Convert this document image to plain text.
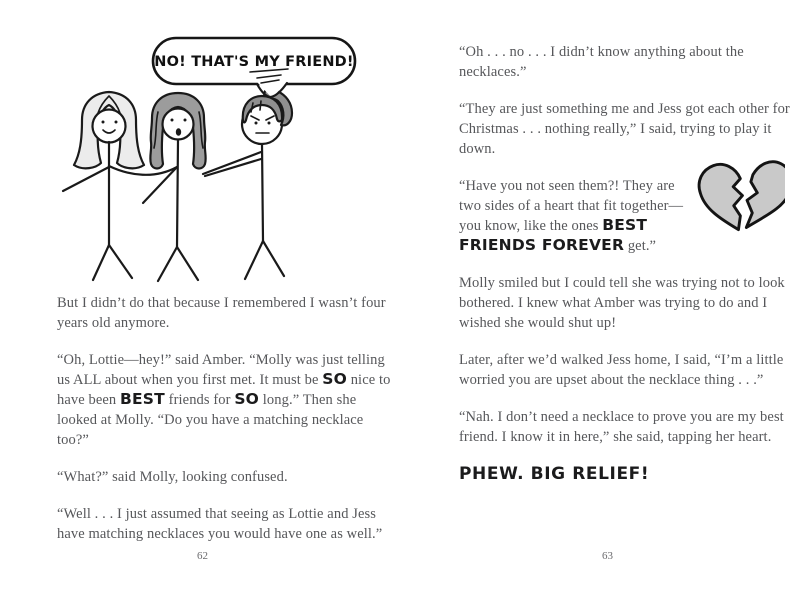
NO! THAT'S MY FRIEND!

But I didn’t do that because I remembered I wasn’t four years old anymore.

“Oh, Lottie—hey!” said Amber. “Molly was just telling us ALL about when you first met. It must be SO nice to have been BEST friends for SO long.” Then she looked at Molly. “Do you have a matching necklace too?”

“What?” said Molly, looking confused.

“Well . . . I just assumed that seeing as Lottie and Jess have matching necklaces you would have one as well.”

62

“Oh . . . no . . . I didn’t know anything about the necklaces.”

“They are just something me and Jess got each other for Christmas . . . nothing really,” I said, trying to play it down.

“Have you not seen them?! They are two sides of a heart that fit together—you know, like the ones BEST FRIENDS FOREVER get.”

Molly smiled but I could tell she was trying not to look bothered. I knew what Amber was trying to do and I wished she would shut up!

Later, after we’d walked Jess home, I said, “I’m a little worried you are upset about the necklace thing . . .”

“Nah. I don’t need a necklace to prove you are my best friend. I know it in here,” she said, tapping her heart.

PHEW. BIG RELIEF!

63
